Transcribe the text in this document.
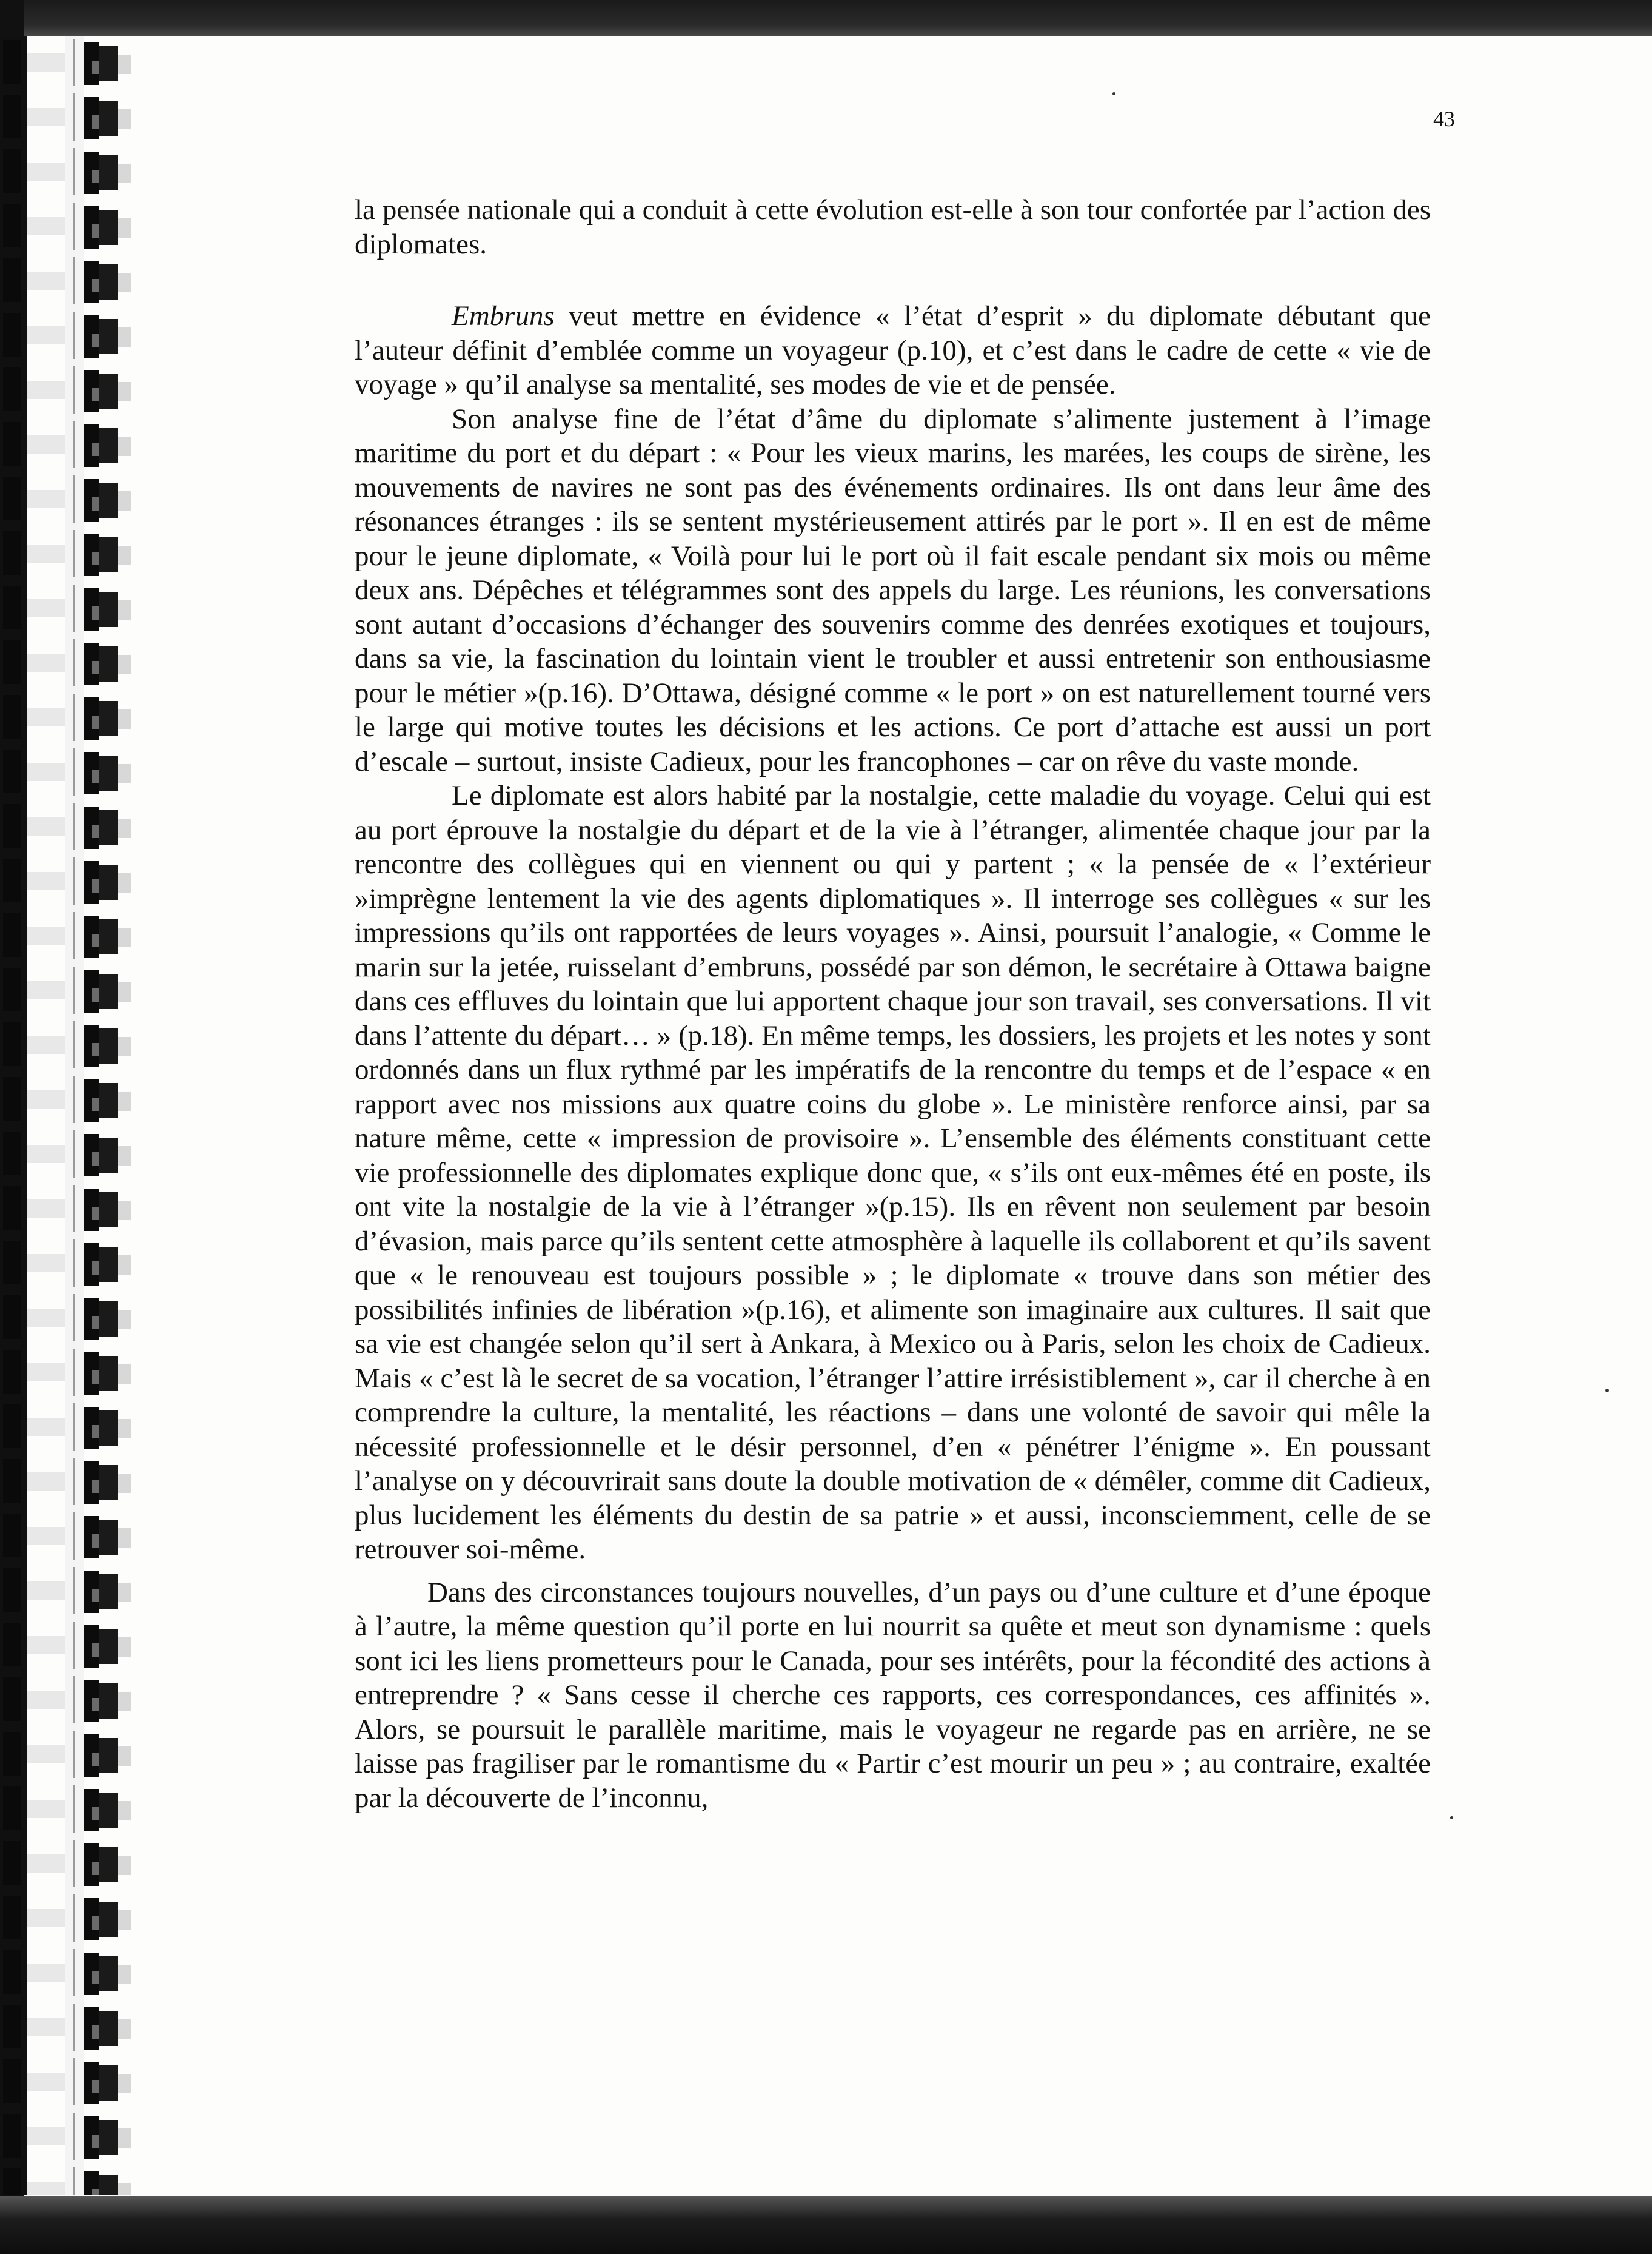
43

la pensée nationale qui a conduit à cette évolution est-elle à son tour confortée par l’action des diplomates.

Embruns veut mettre en évidence « l’état d’esprit » du diplomate débutant que l’auteur définit d’emblée comme un voyageur (p.10), et c’est dans le cadre de cette « vie de voyage » qu’il analyse sa mentalité, ses modes de vie et de pensée.

Son analyse fine de l’état d’âme du diplomate s’alimente justement à l’image maritime du port et du départ : « Pour les vieux marins, les marées, les coups de sirène, les mouvements de navires ne sont pas des événements ordinaires. Ils ont dans leur âme des résonances étranges : ils se sentent mystérieusement attirés par le port ». Il en est de même pour le jeune diplomate, « Voilà pour lui le port où il fait escale pendant six mois ou même deux ans. Dépêches et télégrammes sont des appels du large. Les réunions, les conversations sont autant d’occasions d’échanger des souvenirs comme des denrées exotiques et toujours, dans sa vie, la fascination du lointain vient le troubler et aussi entretenir son enthousiasme pour le métier »(p.16). D’Ottawa, désigné comme « le port » on est naturellement tourné vers le large qui motive toutes les décisions et les actions. Ce port d’attache est aussi un port d’escale – surtout, insiste Cadieux, pour les francophones – car on rêve du vaste monde.

Le diplomate est alors habité par la nostalgie, cette maladie du voyage. Celui qui est au port éprouve la nostalgie du départ et de la vie à l’étranger, alimentée chaque jour par la rencontre des collègues qui en viennent ou qui y partent ; « la pensée de « l’extérieur »imprègne lentement la vie des agents diplomatiques ». Il interroge ses collègues « sur les impressions qu’ils ont rapportées de leurs voyages ». Ainsi, poursuit l’analogie, « Comme le marin sur la jetée, ruisselant d’embruns, possédé par son démon, le secrétaire à Ottawa baigne dans ces effluves du lointain que lui apportent chaque jour son travail, ses conversations. Il vit dans l’attente du départ… » (p.18). En même temps, les dossiers, les projets et les notes y sont ordonnés dans un flux rythmé par les impératifs de la rencontre du temps et de l’espace « en rapport avec nos missions aux quatre coins du globe ». Le ministère renforce ainsi, par sa nature même, cette « impression de provisoire ». L’ensemble des éléments constituant cette vie professionnelle des diplomates explique donc que, « s’ils ont eux-mêmes été en poste, ils ont vite la nostalgie de la vie à l’étranger »(p.15). Ils en rêvent non seulement par besoin d’évasion, mais parce qu’ils sentent cette atmosphère à laquelle ils collaborent et qu’ils savent que « le renouveau est toujours possible » ; le diplomate « trouve dans son métier des possibilités infinies de libération »(p.16), et alimente son imaginaire aux cultures. Il sait que sa vie est changée selon qu’il sert à Ankara, à Mexico ou à Paris, selon les choix de Cadieux. Mais « c’est là le secret de sa vocation, l’étranger l’attire irrésistiblement », car il cherche à en comprendre la culture, la mentalité, les réactions – dans une volonté de savoir qui mêle la nécessité professionnelle et le désir personnel, d’en « pénétrer l’énigme ». En poussant l’analyse on y découvrirait sans doute la double motivation de « démêler, comme dit Cadieux, plus lucidement les éléments du destin de sa patrie » et aussi, inconsciemment, celle de se retrouver soi-même.

Dans des circonstances toujours nouvelles, d’un pays ou d’une culture et d’une époque à l’autre, la même question qu’il porte en lui nourrit sa quête et meut son dynamisme : quels sont ici les liens prometteurs pour le Canada, pour ses intérêts, pour la fécondité des actions à entreprendre ? « Sans cesse il cherche ces rapports, ces correspondances, ces affinités ». Alors, se poursuit le parallèle maritime, mais le voyageur ne regarde pas en arrière, ne se laisse pas fragiliser par le romantisme du « Partir c’est mourir un peu » ; au contraire, exaltée par la découverte de l’inconnu,
